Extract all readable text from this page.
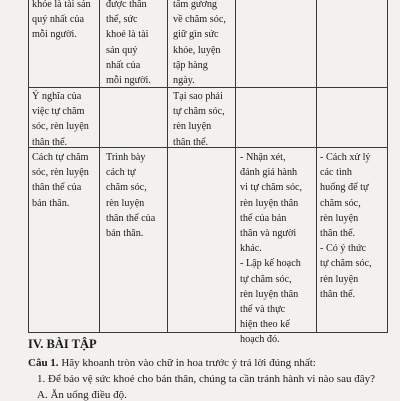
khỏe là tài sản
quý nhất của
mỗi người.
được thân
thể, sức
khoẻ là tài
sản quý
nhất của
mỗi người.
tấm gương
về chăm sóc,
giữ gìn sức
khỏe, luyện
tập hàng
ngày.
Ý nghĩa của
việc tự chăm
sóc, rèn luyện
thân thể.
Tại sao phải
tự chăm sóc,
rèn luyện
thân thể.
Cách tự chăm
sóc, rèn luyện
thân thể của
bản thân.
Trình bày
cách tự
chăm sóc,
rèn luyện
thân thể của
bản thân.
- Nhận xét,
đánh giá hành
vi tự chăm sóc,
rèn luyện thân
thể của bản
thân và người
khác.
- Lập kế hoạch
tự chăm sóc,
rèn luyện thân
thể và thực
hiện theo kế
hoạch đó.
- Cách xử lý
các tình
huống để tự
chăm sóc,
rèn luyện
thân thể.
- Có ý thức
tự chăm sóc,
rèn luyện
thân thể.
IV. BÀI TẬP
Câu 1. Hãy khoanh tròn vào chữ in hoa trước ý trả lời đúng nhất:
1. Để bảo vệ sức khoẻ cho bản thân, chúng ta cần tránh hành vi nào sau đây?
A. Ăn uống điều độ.
